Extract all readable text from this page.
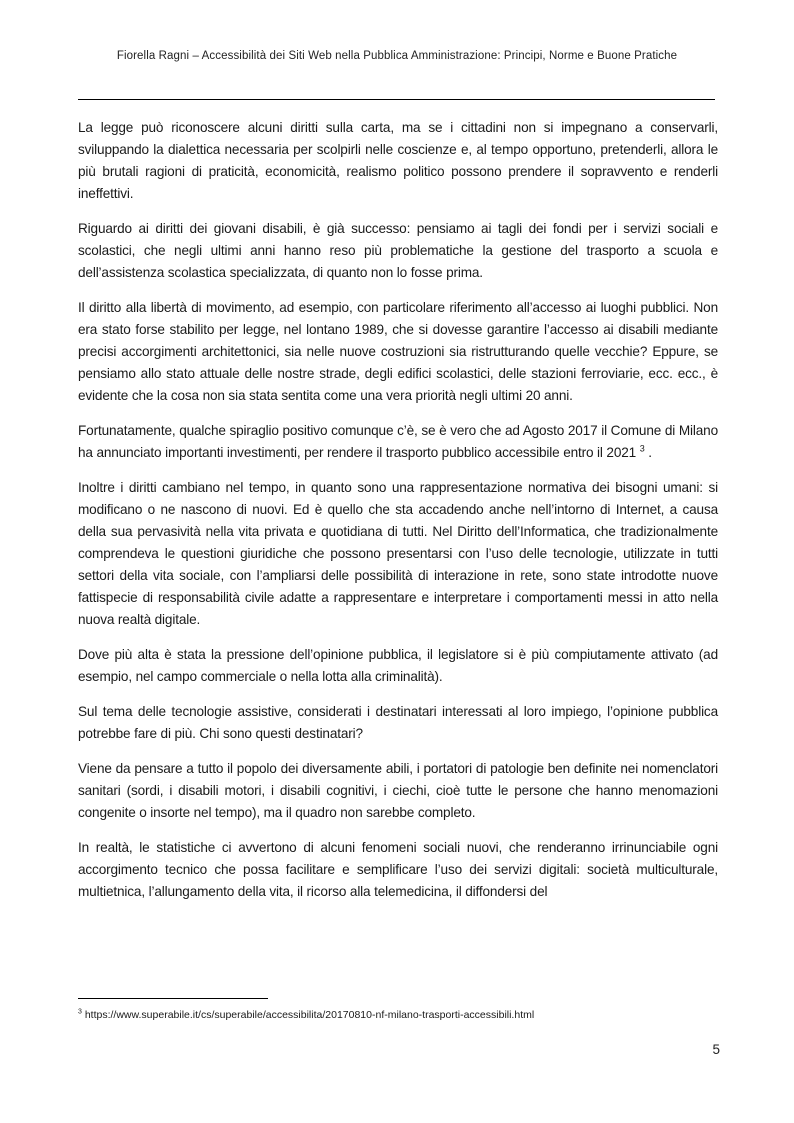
Fiorella Ragni – Accessibilità dei Siti Web nella Pubblica Amministrazione: Principi, Norme e Buone Pratiche

La legge può riconoscere alcuni diritti sulla carta, ma se i cittadini non si impegnano a conservarli, sviluppando la dialettica necessaria per scolpirli nelle coscienze e, al tempo opportuno, pretenderli, allora le più brutali ragioni di praticità, economicità, realismo politico possono prendere il sopravvento e renderli ineffettivi.

Riguardo ai diritti dei giovani disabili, è già successo: pensiamo ai tagli dei fondi per i servizi sociali e scolastici, che negli ultimi anni hanno reso più problematiche la gestione del trasporto a scuola e dell’assistenza scolastica specializzata, di quanto non lo fosse prima.

Il diritto alla libertà di movimento, ad esempio, con particolare riferimento all’accesso ai luoghi pubblici. Non era stato forse stabilito per legge, nel lontano 1989, che si dovesse garantire l’accesso ai disabili mediante precisi accorgimenti architettonici, sia nelle nuove costruzioni sia ristrutturando quelle vecchie? Eppure, se pensiamo allo stato attuale delle nostre strade, degli edifici scolastici, delle stazioni ferroviarie, ecc. ecc., è evidente che la cosa non sia stata sentita come una vera priorità negli ultimi 20 anni.

Fortunatamente, qualche spiraglio positivo comunque c’è, se è vero che ad Agosto 2017 il Comune di Milano ha annunciato importanti investimenti, per rendere il trasporto pubblico accessibile entro il 2021 $^3$ .

Inoltre i diritti cambiano nel tempo, in quanto sono una rappresentazione normativa dei bisogni umani: si modificano o ne nascono di nuovi. Ed è quello che sta accadendo anche nell’intorno di Internet, a causa della sua pervasività nella vita privata e quotidiana di tutti. Nel Diritto dell’Informatica, che tradizionalmente comprendeva le questioni giuridiche che possono presentarsi con l’uso delle tecnologie, utilizzate in tutti settori della vita sociale, con l’ampliarsi delle possibilità di interazione in rete, sono state introdotte nuove fattispecie di responsabilità civile adatte a rappresentare e interpretare i comportamenti messi in atto nella nuova realtà digitale.

Dove più alta è stata la pressione dell’opinione pubblica, il legislatore si è più compiutamente attivato (ad esempio, nel campo commerciale o nella lotta alla criminalità).

Sul tema delle tecnologie assistive, considerati i destinatari interessati al loro impiego, l’opinione pubblica potrebbe fare di più. Chi sono questi destinatari?

Viene da pensare a tutto il popolo dei diversamente abili, i portatori di patologie ben definite nei nomenclatori sanitari (sordi, i disabili motori, i disabili cognitivi, i ciechi, cioè tutte le persone che hanno menomazioni congenite o insorte nel tempo), ma il quadro non sarebbe completo.

In realtà, le statistiche ci avvertono di alcuni fenomeni sociali nuovi, che renderanno irrinunciabile ogni accorgimento tecnico che possa facilitare e semplificare l’uso dei servizi digitali: società multiculturale, multietnica, l’allungamento della vita, il ricorso alla telemedicina, il diffondersi del

$^3$ https://www.superabile.it/cs/superabile/accessibilita/20170810-nf-milano-trasporti-accessibili.html
5
